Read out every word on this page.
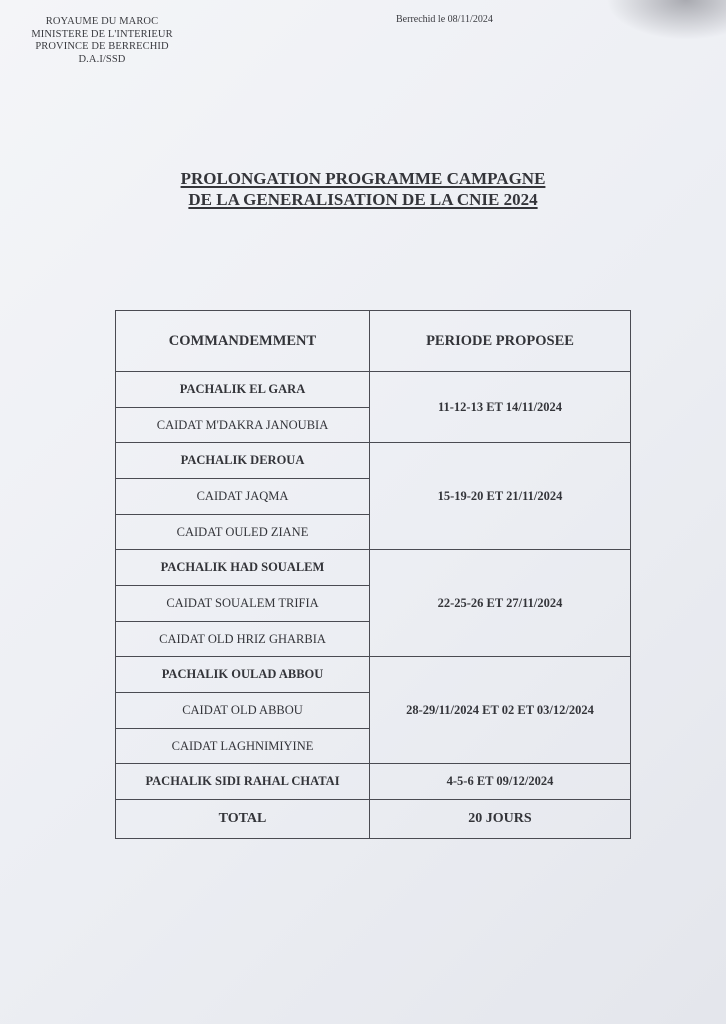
ROYAUME DU MAROC
MINISTERE DE L'INTERIEUR
PROVINCE DE BERRECHID
D.A.I/SSD
Berrechid le 08/11/2024
PROLONGATION PROGRAMME CAMPAGNE
DE LA GENERALISATION DE LA CNIE 2024
COMMANDEMMENT	PERIODE PROPOSEE
PACHALIK EL GARA	11-12-13 ET 14/11/2024
CAIDAT M'DAKRA JANOUBIA	
PACHALIK DEROUA	15-19-20 ET 21/11/2024
CAIDAT JAQMA	
CAIDAT OULED ZIANE	
PACHALIK HAD SOUALEM	22-25-26 ET 27/11/2024
CAIDAT SOUALEM TRIFIA	
CAIDAT OLD HRIZ GHARBIA	
PACHALIK OULAD ABBOU	28-29/11/2024 ET 02 ET 03/12/2024
CAIDAT OLD ABBOU	
CAIDAT LAGHNIMIYINE	
PACHALIK SIDI RAHAL CHATAI	4-5-6 ET 09/12/2024
TOTAL	20 JOURS
